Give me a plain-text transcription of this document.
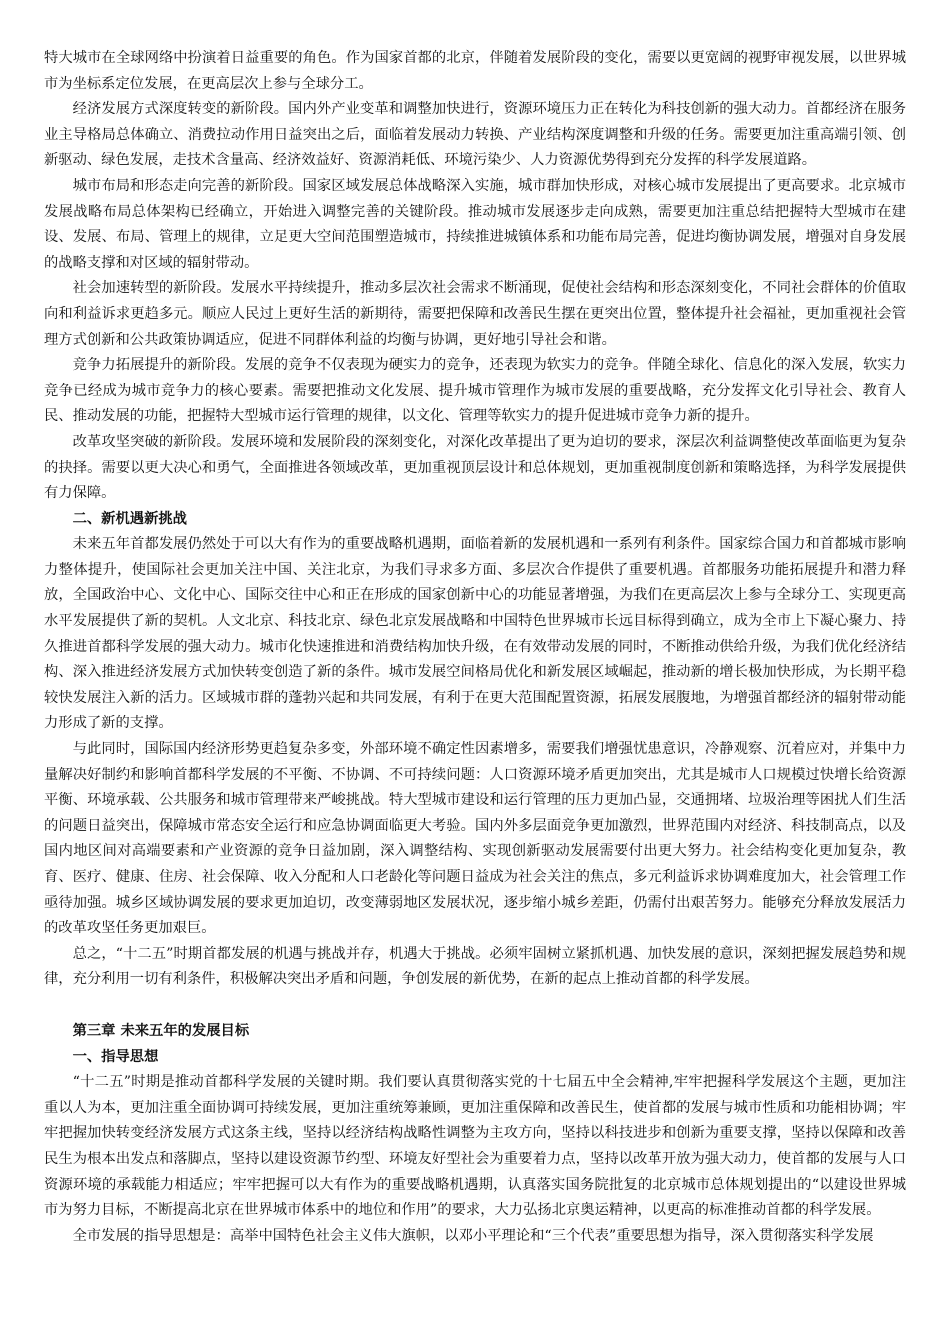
特大城市在全球网络中扮演着日益重要的角色。作为国家首都的北京，伴随着发展阶段的变化，需要以更宽阔的视野审视发展，以世界城市为坐标系定位发展，在更高层次上参与全球分工。

经济发展方式深度转变的新阶段。国内外产业变革和调整加快进行，资源环境压力正在转化为科技创新的强大动力。首都经济在服务业主导格局总体确立、消费拉动作用日益突出之后，面临着发展动力转换、产业结构深度调整和升级的任务。需要更加注重高端引领、创新驱动、绿色发展，走技术含量高、经济效益好、资源消耗低、环境污染少、人力资源优势得到充分发挥的科学发展道路。

城市布局和形态走向完善的新阶段。国家区域发展总体战略深入实施，城市群加快形成，对核心城市发展提出了更高要求。北京城市发展战略布局总体架构已经确立，开始进入调整完善的关键阶段。推动城市发展逐步走向成熟，需要更加注重总结把握特大型城市在建设、发展、布局、管理上的规律，立足更大空间范围塑造城市，持续推进城镇体系和功能布局完善，促进均衡协调发展，增强对自身发展的战略支撑和对区域的辐射带动。

社会加速转型的新阶段。发展水平持续提升，推动多层次社会需求不断涌现，促使社会结构和形态深刻变化，不同社会群体的价值取向和利益诉求更趋多元。顺应人民过上更好生活的新期待，需要把保障和改善民生摆在更突出位置，整体提升社会福祉，更加重视社会管理方式创新和公共政策协调适应，促进不同群体利益的均衡与协调，更好地引导社会和谐。

竞争力拓展提升的新阶段。发展的竞争不仅表现为硬实力的竞争，还表现为软实力的竞争。伴随全球化、信息化的深入发展，软实力竞争已经成为城市竞争力的核心要素。需要把推动文化发展、提升城市管理作为城市发展的重要战略，充分发挥文化引导社会、教育人民、推动发展的功能，把握特大型城市运行管理的规律，以文化、管理等软实力的提升促进城市竞争力新的提升。

改革攻坚突破的新阶段。发展环境和发展阶段的深刻变化，对深化改革提出了更为迫切的要求，深层次利益调整使改革面临更为复杂的抉择。需要以更大决心和勇气，全面推进各领域改革，更加重视顶层设计和总体规划，更加重视制度创新和策略选择，为科学发展提供有力保障。

二、新机遇新挑战

未来五年首都发展仍然处于可以大有作为的重要战略机遇期，面临着新的发展机遇和一系列有利条件。国家综合国力和首都城市影响力整体提升，使国际社会更加关注中国、关注北京，为我们寻求多方面、多层次合作提供了重要机遇。首都服务功能拓展提升和潜力释放，全国政治中心、文化中心、国际交往中心和正在形成的国家创新中心的功能显著增强，为我们在更高层次上参与全球分工、实现更高水平发展提供了新的契机。人文北京、科技北京、绿色北京发展战略和中国特色世界城市长远目标得到确立，成为全市上下凝心聚力、持久推进首都科学发展的强大动力。城市化快速推进和消费结构加快升级，在有效带动发展的同时，不断推动供给升级，为我们优化经济结构、深入推进经济发展方式加快转变创造了新的条件。城市发展空间格局优化和新发展区域崛起，推动新的增长极加快形成，为长期平稳较快发展注入新的活力。区域城市群的蓬勃兴起和共同发展，有利于在更大范围配置资源，拓展发展腹地，为增强首都经济的辐射带动能力形成了新的支撑。

与此同时，国际国内经济形势更趋复杂多变，外部环境不确定性因素增多，需要我们增强忧患意识，冷静观察、沉着应对，并集中力量解决好制约和影响首都科学发展的不平衡、不协调、不可持续问题：人口资源环境矛盾更加突出，尤其是城市人口规模过快增长给资源平衡、环境承载、公共服务和城市管理带来严峻挑战。特大型城市建设和运行管理的压力更加凸显，交通拥堵、垃圾治理等困扰人们生活的问题日益突出，保障城市常态安全运行和应急协调面临更大考验。国内外多层面竞争更加激烈，世界范围内对经济、科技制高点，以及国内地区间对高端要素和产业资源的竞争日益加剧，深入调整结构、实现创新驱动发展需要付出更大努力。社会结构变化更加复杂，教育、医疗、健康、住房、社会保障、收入分配和人口老龄化等问题日益成为社会关注的焦点，多元利益诉求协调难度加大，社会管理工作亟待加强。城乡区域协调发展的要求更加迫切，改变薄弱地区发展状况，逐步缩小城乡差距，仍需付出艰苦努力。能够充分释放发展活力的改革攻坚任务更加艰巨。

总之，“十二五”时期首都发展的机遇与挑战并存，机遇大于挑战。必须牢固树立紧抓机遇、加快发展的意识，深刻把握发展趋势和规律，充分利用一切有利条件，积极解决突出矛盾和问题，争创发展的新优势，在新的起点上推动首都的科学发展。

第三章 未来五年的发展目标
一、指导思想

“十二五”时期是推动首都科学发展的关键时期。我们要认真贯彻落实党的十七届五中全会精神,牢牢把握科学发展这个主题，更加注重以人为本，更加注重全面协调可持续发展，更加注重统筹兼顾，更加注重保障和改善民生，使首都的发展与城市性质和功能相协调；牢牢把握加快转变经济发展方式这条主线，坚持以经济结构战略性调整为主攻方向，坚持以科技进步和创新为重要支撑，坚持以保障和改善民生为根本出发点和落脚点，坚持以建设资源节约型、环境友好型社会为重要着力点，坚持以改革开放为强大动力，使首都的发展与人口资源环境的承载能力相适应；牢牢把握可以大有作为的重要战略机遇期，认真落实国务院批复的北京城市总体规划提出的“以建设世界城市为努力目标，不断提高北京在世界城市体系中的地位和作用”的要求，大力弘扬北京奥运精神，以更高的标准推动首都的科学发展。

全市发展的指导思想是：高举中国特色社会主义伟大旗帜，以邓小平理论和“三个代表”重要思想为指导，深入贯彻落实科学发展
